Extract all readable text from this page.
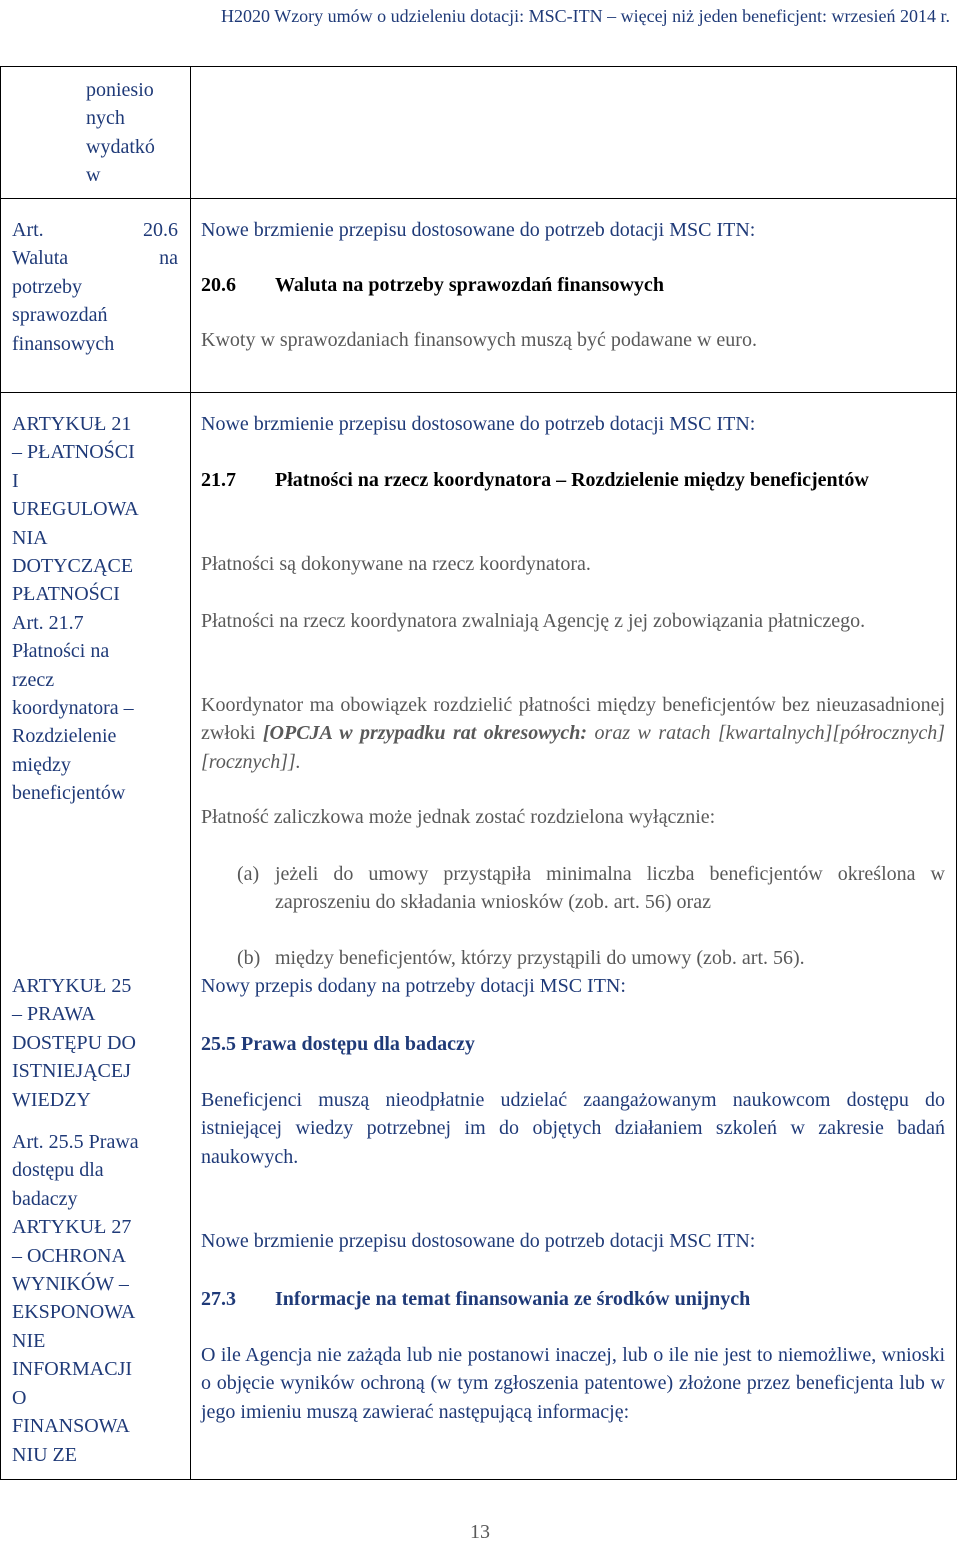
H2020 Wzory umów o udzieleniu dotacji: MSC-ITN – więcej niż jeden beneficjent: wrzesień 2014 r.

poniesio
nych
wydatkó
w

Art. 20.6
Waluta na
potrzeby
sprawozdań
finansowych
ARTYKUŁ 21
– PŁATNOŚCI
I
UREGULOWA
NIA
DOTYCZĄCE
PŁATNOŚCI
Art. 21.7
Płatności na
rzecz
koordynatora –
Rozdzielenie
między
beneficjentów
ARTYKUŁ 25
– PRAWA
DOSTĘPU DO
ISTNIEJĄCEJ
WIEDZY
Art. 25.5 Prawa
dostępu dla
badaczy
ARTYKUŁ 27
– OCHRONA
WYNIKÓW –
EKSPONOWA
NIE
INFORMACJI
O
FINANSOWA
NIU ZE

Nowe brzmienie przepisu dostosowane do potrzeb dotacji MSC ITN:

20.6 Waluta na potrzeby sprawozdań finansowych

Kwoty w sprawozdaniach finansowych muszą być podawane w euro.

Nowe brzmienie przepisu dostosowane do potrzeb dotacji MSC ITN:

21.7 Płatności na rzecz koordynatora – Rozdzielenie między beneficjentów

Płatności są dokonywane na rzecz koordynatora.

Płatności na rzecz koordynatora zwalniają Agencję z jej zobowiązania płatniczego.

Koordynator ma obowiązek rozdzielić płatności między beneficjentów bez nieuzasadnionej zwłoki [OPCJA w przypadku rat okresowych: oraz w ratach [kwartalnych][półrocznych][rocznych]].

Płatność zaliczkowa może jednak zostać rozdzielona wyłącznie:

(a) jeżeli do umowy przystąpiła minimalna liczba beneficjentów określona w zaproszeniu do składania wniosków (zob. art. 56) oraz
(b) między beneficjentów, którzy przystąpili do umowy (zob. art. 56).

Nowy przepis dodany na potrzeby dotacji MSC ITN:

25.5 Prawa dostępu dla badaczy

Beneficjenci muszą nieodpłatnie udzielać zaangażowanym naukowcom dostępu do istniejącej wiedzy potrzebnej im do objętych działaniem szkoleń w zakresie badań naukowych.

Nowe brzmienie przepisu dostosowane do potrzeb dotacji MSC ITN:

27.3 Informacje na temat finansowania ze środków unijnych

O ile Agencja nie zażąda lub nie postanowi inaczej, lub o ile nie jest to niemożliwe, wnioski o objęcie wyników ochroną (w tym zgłoszenia patentowe) złożone przez beneficjenta lub w jego imieniu muszą zawierać następującą informację:

13
